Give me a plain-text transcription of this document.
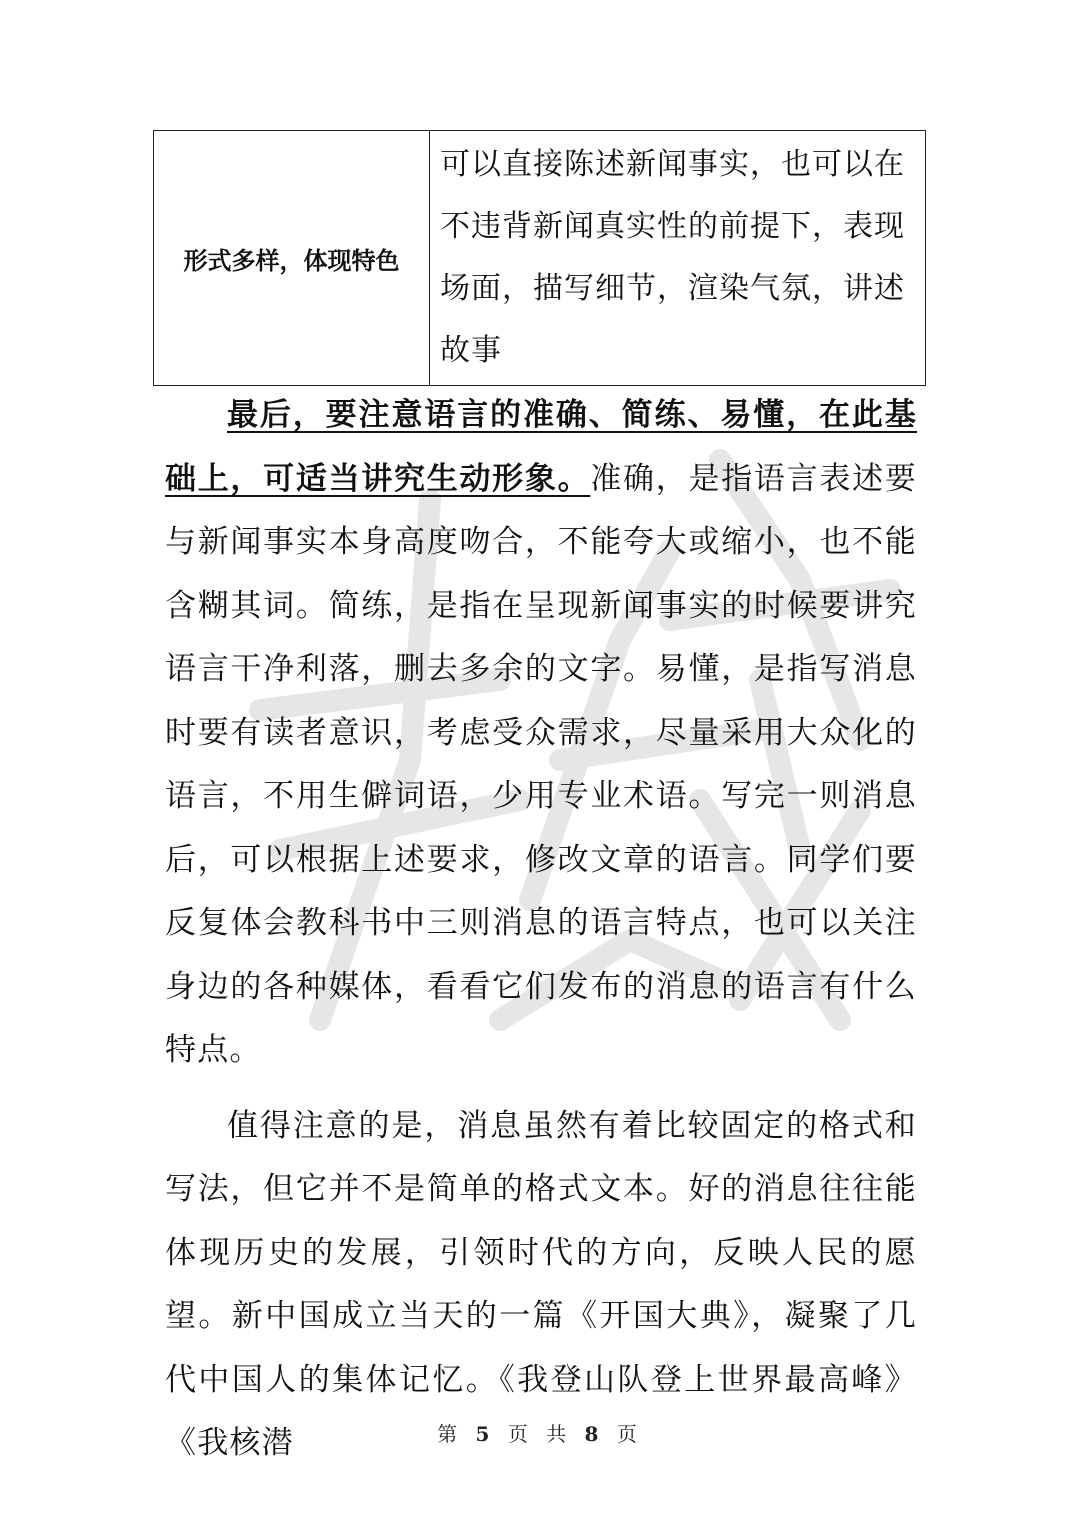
形式多样，体现特色	可以直接陈述新闻事实，也可以在不违背新闻真实性的前提下，表现场面，描写细节，渲染气氛，讲述故事

最后，要注意语言的准确、简练、易懂，在此基础上，可适当讲究生动形象。准确，是指语言表述要与新闻事实本身高度吻合，不能夸大或缩小，也不能含糊其词。简练，是指在呈现新闻事实的时候要讲究语言干净利落，删去多余的文字。易懂，是指写消息时要有读者意识，考虑受众需求，尽量采用大众化的语言，不用生僻词语，少用专业术语。写完一则消息后，可以根据上述要求，修改文章的语言。同学们要反复体会教科书中三则消息的语言特点，也可以关注身边的各种媒体，看看它们发布的消息的语言有什么特点。

值得注意的是，消息虽然有着比较固定的格式和写法，但它并不是简单的格式文本。好的消息往往能体现历史的发展，引领时代的方向，反映人民的愿望。新中国成立当天的一篇《开国大典》，凝聚了几代中国人的集体记忆。《我登山队登上世界最高峰》《我核潜	第 5 页 共 8 页
